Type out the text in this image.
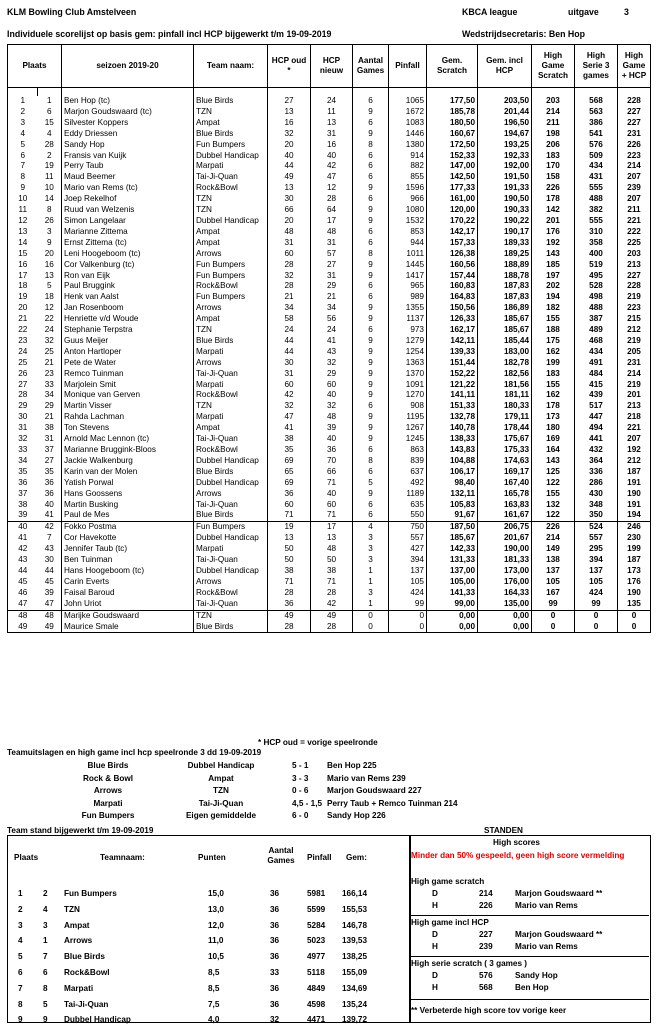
KLM Bowling Club Amstelveen	KBCA league	uitgave	3
Individuele scorelijst op basis gem: pinfall incl HCP bijgewerkt t/m 19-09-2019	Wedstrijdsecretaris: Ben Hop
Plaats		seizoen 2019-20	Team naam:	HCP oud *	HCP nieuw	Aantal Games	Pinfall	Gem. Scratch	Gem. incl HCP	High Game Scratch	High Serie 3 games	High Game + HCP

1	1	Ben Hop (tc)	Blue Birds	27	24	6	1065	177,50	203,50	203	568	228
2	6	Marjon Goudswaard (tc)	TZN	13	11	9	1672	185,78	201,44	214	563	227
3	15	Silvester Koppers	Ampat	16	13	6	1083	180,50	196,50	211	386	227
4	4	Eddy Driessen	Blue Birds	32	31	9	1446	160,67	194,67	198	541	231
5	28	Sandy Hop	Fun Bumpers	20	16	8	1380	172,50	193,25	206	576	226
6	2	Fransis van Kuijk	Dubbel Handicap	40	40	6	914	152,33	192,33	183	509	223
7	19	Perry Taub	Marpati	44	42	6	882	147,00	192,00	170	434	214
8	11	Maud Beemer	Tai-Ji-Quan	49	47	6	855	142,50	191,50	158	431	207
9	10	Mario van Rems (tc)	Rock&Bowl	13	12	9	1596	177,33	191,33	226	555	239
10	14	Joep Rekelhof	TZN	30	28	6	966	161,00	190,50	178	488	207
11	8	Ruud van Welzenis	TZN	66	64	9	1080	120,00	190,33	142	382	211
12	26	Simon Langelaar	Dubbel Handicap	20	17	9	1532	170,22	190,22	201	555	221
13	3	Marianne Zittema	Ampat	48	48	6	853	142,17	190,17	176	310	222
14	9	Ernst Zittema (tc)	Ampat	31	31	6	944	157,33	189,33	192	358	225
15	20	Leni Hoogeboom (tc)	Arrows	60	57	8	1011	126,38	189,25	143	400	203
16	16	Cor Valkenburg (tc)	Fun Bumpers	28	27	9	1445	160,56	188,89	185	519	213
17	13	Ron van Eijk	Fun Bumpers	32	31	9	1417	157,44	188,78	197	495	227
18	5	Paul Bruggink	Rock&Bowl	28	29	6	965	160,83	187,83	202	528	228
19	18	Henk van Aalst	Fun Bumpers	21	21	6	989	164,83	187,83	194	498	219
20	12	Jan Rosenboom	Arrows	34	34	9	1355	150,56	186,89	182	488	223
21	22	Henriette v/d Woude	Ampat	58	56	9	1137	126,33	185,67	155	387	215
22	24	Stephanie Terpstra	TZN	24	24	6	973	162,17	185,67	188	489	212
23	32	Guus Meijer	Blue Birds	44	41	9	1279	142,11	185,44	175	468	219
24	25	Anton Hartloper	Marpati	44	43	9	1254	139,33	183,00	162	434	205
25	21	Pete de Water	Arrows	30	32	9	1363	151,44	182,78	199	491	231
26	23	Remco Tuinman	Tai-Ji-Quan	31	29	9	1370	152,22	182,56	183	484	214
27	33	Marjolein Smit	Marpati	60	60	9	1091	121,22	181,56	155	415	219
28	34	Monique van Gerven	Rock&Bowl	42	40	9	1270	141,11	181,11	162	439	201
29	29	Martin Visser	TZN	32	32	6	908	151,33	180,33	178	517	213
30	21	Rahda Lachman	Marpati	47	48	9	1195	132,78	179,11	173	447	218
31	38	Ton Stevens	Ampat	41	39	9	1267	140,78	178,44	180	494	221
32	31	Arnold Mac Lennon (tc)	Tai-Ji-Quan	38	40	9	1245	138,33	175,67	169	441	207
33	37	Marianne Bruggink-Bloos	Rock&Bowl	35	36	6	863	143,83	175,33	164	432	192
34	27	Jackie Walkenburg	Dubbel Handicap	69	70	8	839	104,88	174,63	143	364	212
35	35	Karin van der Molen	Blue Birds	65	66	6	637	106,17	169,17	125	336	187
36	36	Yatish Porwal	Dubbel Handicap	69	71	5	492	98,40	167,40	122	286	191
37	36	Hans Goossens	Arrows	36	40	9	1189	132,11	165,78	155	430	190
38	40	Martin Busking	Tai-Ji-Quan	60	60	6	635	105,83	163,83	132	348	191
39	41	Paul de Mes	Blue Birds	71	71	6	550	91,67	161,67	122	350	194
40	42	Fokko Postma	Fun Bumpers	19	17	4	750	187,50	206,75	226	524	246
41	7	Cor Havekotte	Dubbel Handicap	13	13	3	557	185,67	201,67	214	557	230
42	43	Jennifer Taub (tc)	Marpati	50	48	3	427	142,33	190,00	149	295	199
43	30	Ben Tuinman	Tai-Ji-Quan	50	50	3	394	131,33	181,33	138	394	187
44	44	Hans Hoogeboom (tc)	Dubbel Handicap	38	38	1	137	137,00	173,00	137	137	173
45	45	Carin Everts	Arrows	71	71	1	105	105,00	176,00	105	105	176
46	39	Faisal Baroud	Rock&Bowl	28	28	3	424	141,33	164,33	167	424	190
47	47	John Uriot	Tai-Ji-Quan	36	42	1	99	99,00	135,00	99	99	135
48	48	Marijke Goudswaard	TZN	49	49	0	0	0,00	0,00	0	0	0
49	49	Maurice Smale	Blue Birds	28	28	0	0	0,00	0,00	0	0	0
* HCP oud = vorige speelronde
Teamuitslagen en high game incl hcp speelronde 3 dd 19-09-2019
Blue Birds	Dubbel Handicap	5 - 1 Ben Hop 225
Rock & Bowl	Ampat	3 - 3 Mario van Rems 239
Arrows	TZN	0 - 6 Marjon Goudswaard 227
Marpati	Tai-Ji-Quan	4,5 - 1,5 Perry Taub + Remco Tuinman 214
Fun Bumpers	Eigen gemiddelde	6 - 0 Sandy Hop 226
Team stand bijgewerkt t/m 19-09-2019	STANDEN
Plaats	Teamnaam:	Punten
Aantal Games	Pinfall Gem:
1 2 Fun Bumpers	15,0	36	5981 166,14
2 4 TZN	13,0	36	5599 155,53
3 3 Ampat	12,0	36	5284 146,78
4 1 Arrows	11,0	36	5023 139,53
5 7 Blue Birds	10,5	36	4977 138,25
6 6 Rock&Bowl	8,5	33	5118 155,09
7 8 Marpati	8,5	36	4849 134,69
8 5 Tai-Ji-Quan	7,5	36	4598 135,24
9 9 Dubbel Handicap	4,0	32	4471 139,72
High scores
Minder dan 50% gespeeld, geen high score vermelding
High game scratch
D	214	Marjon Goudswaard **
H	226	Mario van Rems
High game incl HCP
D	227	Marjon Goudswaard **
H	239	Mario van Rems
High serie scratch ( 3 games )
D	576	Sandy Hop
H	568	Ben Hop
** Verbeterde high score tov vorige keer
